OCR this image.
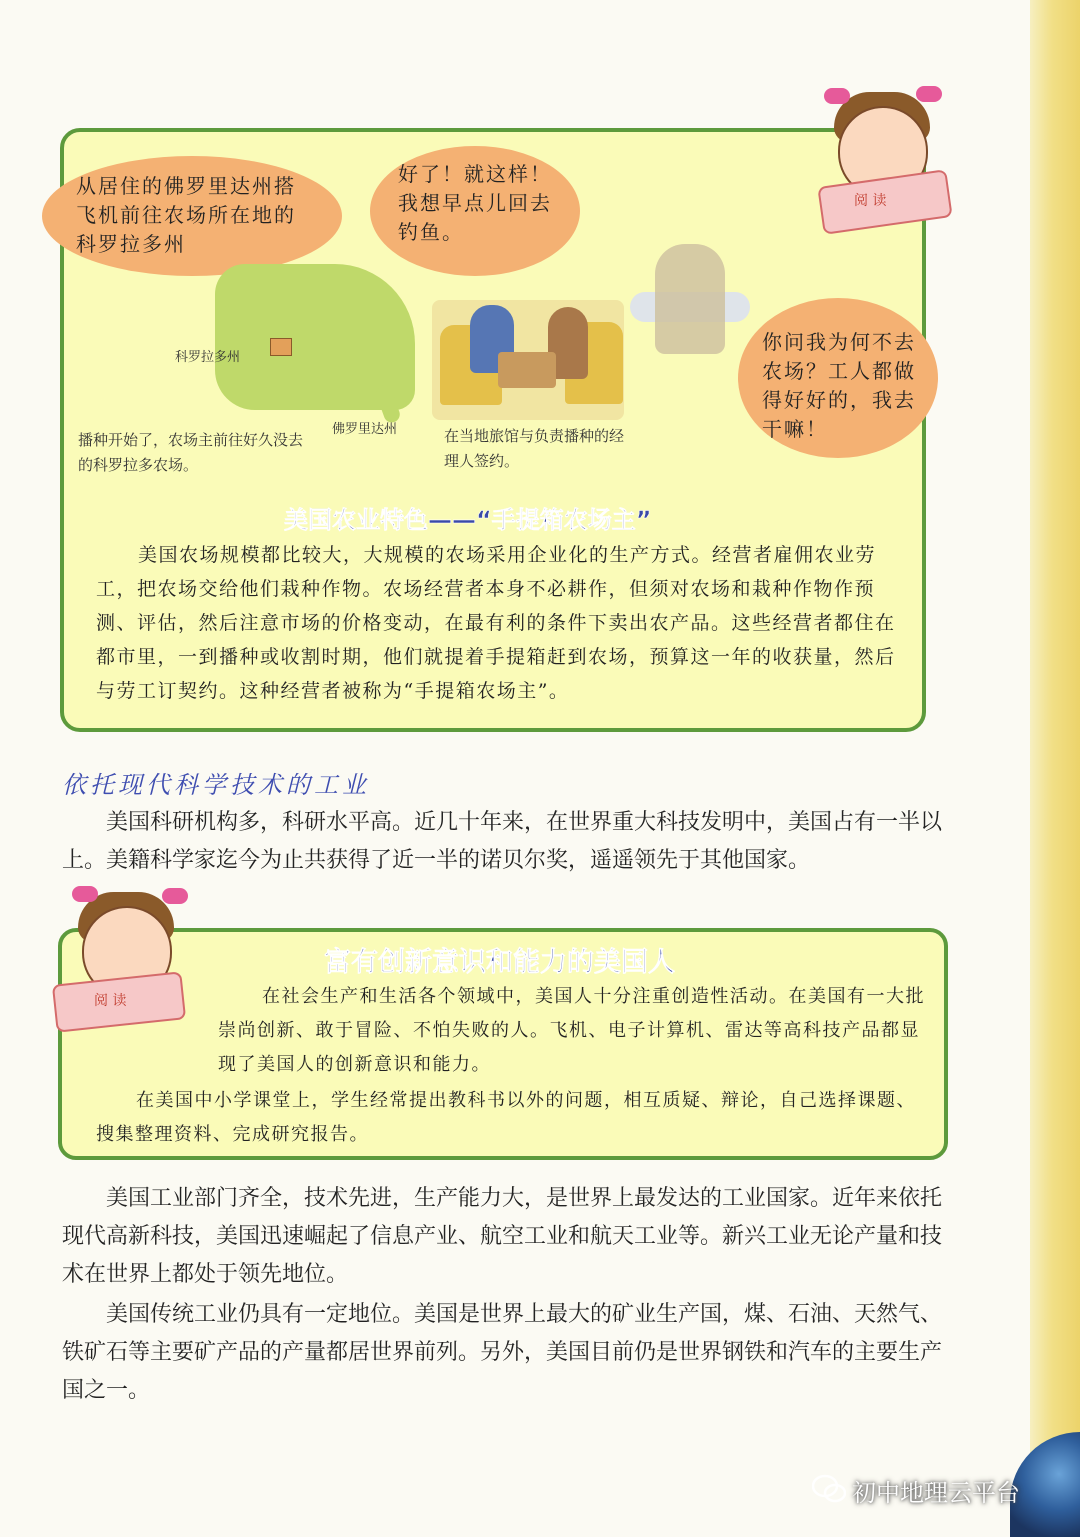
阅 读
从居住的佛罗里达州搭飞机前往农场所在地的科罗拉多州
好了！就这样！我想早点儿回去钓鱼。
你问我为何不去农场？工人都做得好好的，我去干嘛！
科罗拉多州
佛罗里达州
播种开始了，农场主前往好久没去的科罗拉多农场。
在当地旅馆与负责播种的经理人签约。
美国农业特色——“手提箱农场主”
美国农场规模都比较大，大规模的农场采用企业化的生产方式。经营者雇佣农业劳工，把农场交给他们栽种作物。农场经营者本身不必耕作，但须对农场和栽种作物作预测、评估，然后注意市场的价格变动，在最有利的条件下卖出农产品。这些经营者都住在都市里，一到播种或收割时期，他们就提着手提箱赶到农场，预算这一年的收获量，然后与劳工订契约。这种经营者被称为“手提箱农场主”。
依托现代科学技术的工业
美国科研机构多，科研水平高。近几十年来，在世界重大科技发明中，美国占有一半以上。美籍科学家迄今为止共获得了近一半的诺贝尔奖，遥遥领先于其他国家。
阅 读
富有创新意识和能力的美国人
在社会生产和生活各个领域中，美国人十分注重创造性活动。在美国有一大批崇尚创新、敢于冒险、不怕失败的人。飞机、电子计算机、雷达等高科技产品都显现了美国人的创新意识和能力。
在美国中小学课堂上，学生经常提出教科书以外的问题，相互质疑、辩论，自己选择课题、搜集整理资料、完成研究报告。
美国工业部门齐全，技术先进，生产能力大，是世界上最发达的工业国家。近年来依托现代高新科技，美国迅速崛起了信息产业、航空工业和航天工业等。新兴工业无论产量和技术在世界上都处于领先地位。
美国传统工业仍具有一定地位。美国是世界上最大的矿业生产国，煤、石油、天然气、铁矿石等主要矿产品的产量都居世界前列。另外，美国目前仍是世界钢铁和汽车的主要生产国之一。
初中地理云平台
